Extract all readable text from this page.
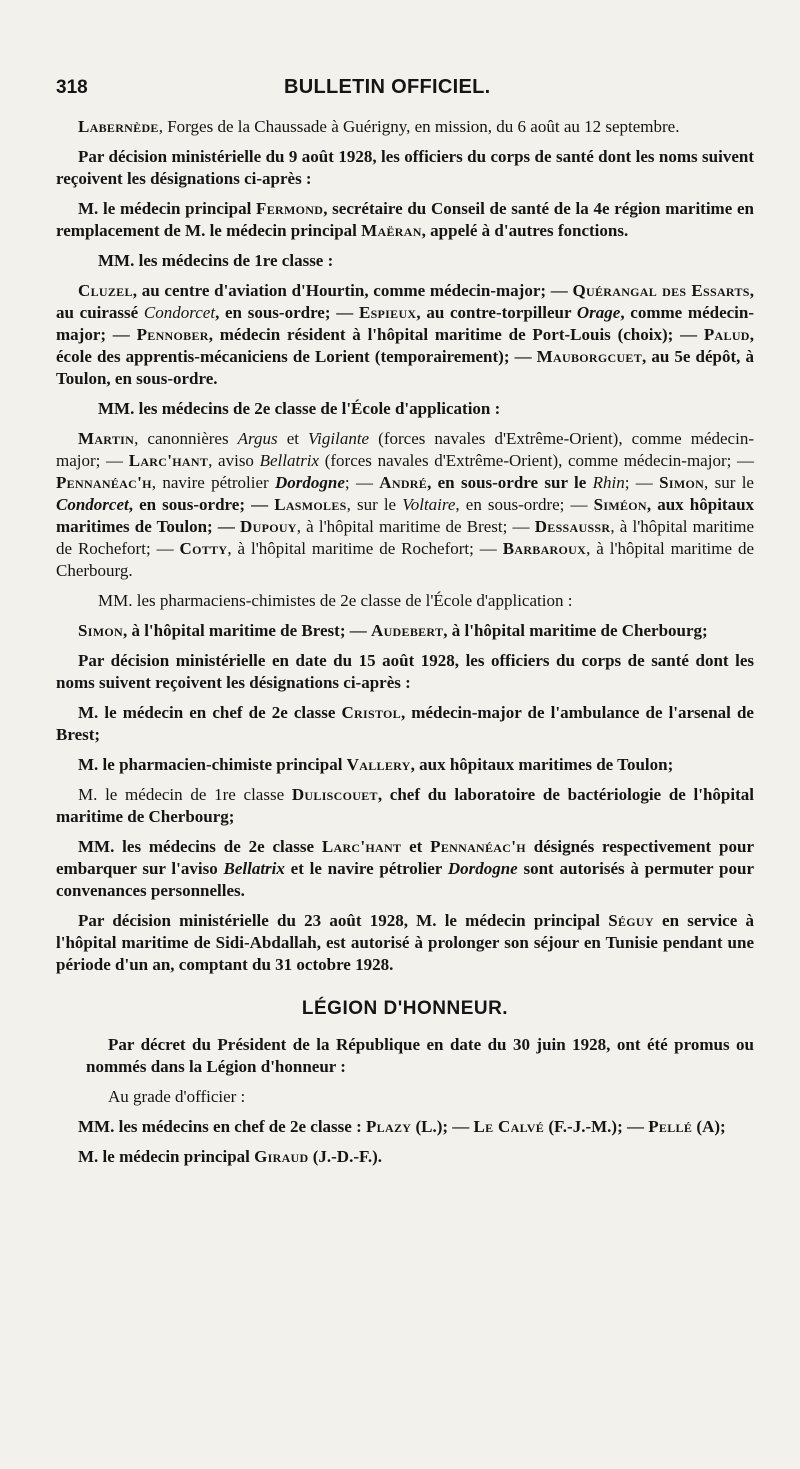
318	BULLETIN OFFICIEL.

Labernède, Forges de la Chaussade à Guérigny, en mission, du 6 août au 12 septembre.

Par décision ministérielle du 9 août 1928, les officiers du corps de santé dont les noms suivent reçoivent les désignations ci-après :

M. le médecin principal Fermond, secrétaire du Conseil de santé de la 4e région maritime en remplacement de M. le médecin principal Maëran, appelé à d'autres fonctions.

MM. les médecins de 1re classe :

Cluzel, au centre d'aviation d'Hourtin, comme médecin-major; — Quérangal des Essarts, au cuirassé Condorcet, en sous-ordre; — Espieux, au contre-torpilleur Orage, comme médecin-major; — Pennober, médecin résident à l'hôpital maritime de Port-Louis (choix); — Palud, école des apprentis-mécaniciens de Lorient (temporairement); — Mauborgcuet, au 5e dépôt, à Toulon, en sous-ordre.

MM. les médecins de 2e classe de l'École d'application :

Martin, canonnières Argus et Vigilante (forces navales d'Extrême-Orient), comme médecin-major; — Larc'hant, aviso Bellatrix (forces navales d'Extrême-Orient), comme médecin-major; — Pennanéac'h, navire pétrolier Dordogne; — André, en sous-ordre sur le Rhin; — Simon, sur le Condorcet, en sous-ordre; — Lasmoles, sur le Voltaire, en sous-ordre; — Siméon, aux hôpitaux maritimes de Toulon; — Dupouy, à l'hôpital maritime de Brest; — Dessaussr, à l'hôpital maritime de Rochefort; — Cotty, à l'hôpital maritime de Rochefort; — Barbaroux, à l'hôpital maritime de Cherbourg.

MM. les pharmaciens-chimistes de 2e classe de l'École d'application :

Simon, à l'hôpital maritime de Brest; — Audebert, à l'hôpital maritime de Cherbourg;

Par décision ministérielle en date du 15 août 1928, les officiers du corps de santé dont les noms suivent reçoivent les désignations ci-après :

M. le médecin en chef de 2e classe Cristol, médecin-major de l'ambulance de l'arsenal de Brest;

M. le pharmacien-chimiste principal Vallery, aux hôpitaux maritimes de Toulon;

M. le médecin de 1re classe Duliscouet, chef du laboratoire de bactériologie de l'hôpital maritime de Cherbourg;

MM. les médecins de 2e classe Larc'hant et Pennanéac'h désignés respectivement pour embarquer sur l'aviso Bellatrix et le navire pétrolier Dordogne sont autorisés à permuter pour convenances personnelles.

Par décision ministérielle du 23 août 1928, M. le médecin principal Séguy en service à l'hôpital maritime de Sidi-Abdallah, est autorisé à prolonger son séjour en Tunisie pendant une période d'un an, comptant du 31 octobre 1928.

LÉGION D'HONNEUR.

Par décret du Président de la République en date du 30 juin 1928, ont été promus ou nommés dans la Légion d'honneur :

Au grade d'officier :

MM. les médecins en chef de 2e classe : Plazy (L.); — Le Calvé (F.-J.-M.); — Pellé (A);

M. le médecin principal Giraud (J.-D.-F.).
